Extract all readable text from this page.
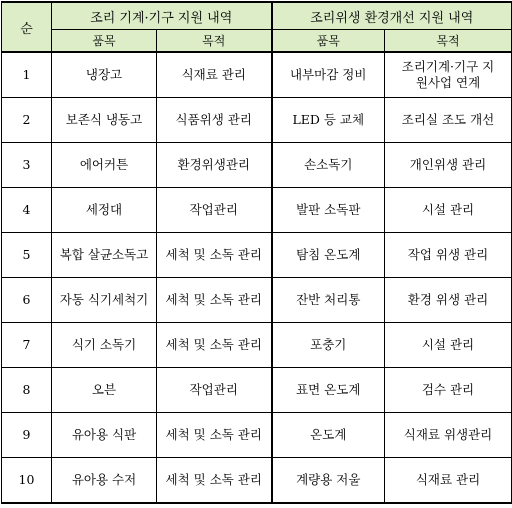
순	조리 기계·기구 지원 내역		조리위생 환경개선 지원 내역	
	품목	목적	품목	목적
1	냉장고	식재료 관리	내부마감 정비	조리기계·기구 지원사업 연계
2	보존식 냉동고	식품위생 관리	LED 등 교체	조리실 조도 개선
3	에어커튼	환경위생관리	손소독기	개인위생 관리
4	세정대	작업관리	발판 소독판	시설 관리
5	복합 살균소독고	세척 및 소독 관리	탐침 온도계	작업 위생 관리
6	자동 식기세척기	세척 및 소독 관리	잔반 처리통	환경 위생 관리
7	식기 소독기	세척 및 소독 관리	포충기	시설 관리
8	오븐	작업관리	표면 온도계	검수 관리
9	유아용 식판	세척 및 소독 관리	온도계	식재료 위생관리
10	유아용 수저	세척 및 소독 관리	계량용 저울	식재료 관리
